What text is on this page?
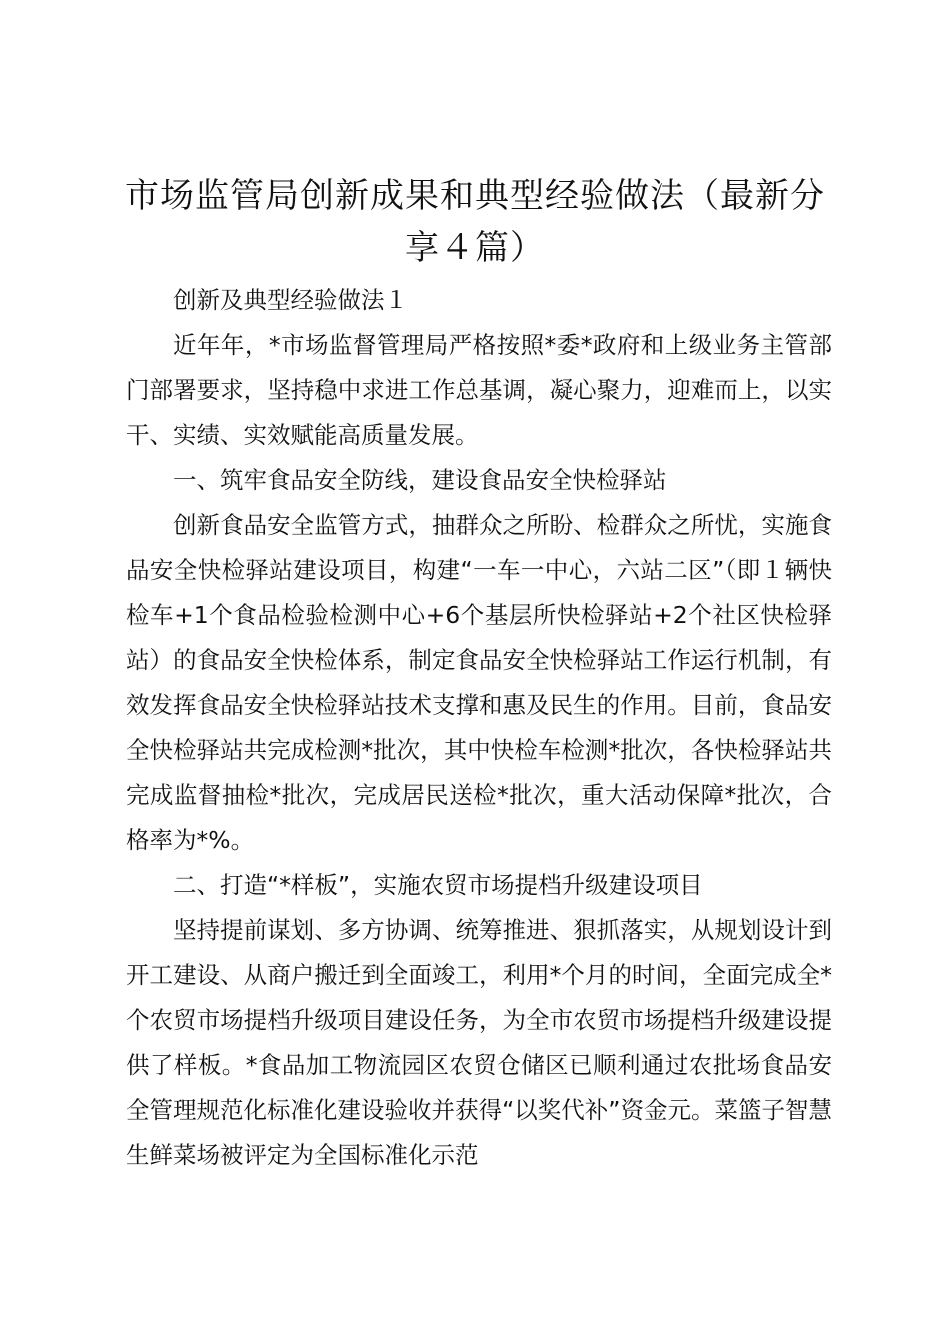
市场监管局创新成果和典型经验做法（最新分
享４篇）

创新及典型经验做法１

近年年，*市场监督管理局严格按照*委*政府和上级业务主管部门部署要求，坚持稳中求进工作总基调，凝心聚力，迎难而上，以实干、实绩、实效赋能高质量发展。

一、筑牢食品安全防线，建设食品安全快检驿站

创新食品安全监管方式，抽群众之所盼、检群众之所忧，实施食品安全快检驿站建设项目，构建“一车一中心，六站二区”（即１辆快检车+1个食品检验检测中心+6个基层所快检驿站+2个社区快检驿站）的食品安全快检体系，制定食品安全快检驿站工作运行机制，有效发挥食品安全快检驿站技术支撑和惠及民生的作用。目前，食品安全快检驿站共完成检测*批次，其中快检车检测*批次，各快检驿站共完成监督抽检*批次，完成居民送检*批次，重大活动保障*批次，合格率为*%。

二、打造“*样板”，实施农贸市场提档升级建设项目

坚持提前谋划、多方协调、统筹推进、狠抓落实，从规划设计到开工建设、从商户搬迁到全面竣工，利用*个月的时间，全面完成全*个农贸市场提档升级项目建设任务，为全市农贸市场提档升级建设提供了样板。*食品加工物流园区农贸仓储区已顺利通过农批场食品安全管理规范化标准化建设验收并获得“以奖代补”资金元。菜篮子智慧生鲜菜场被评定为全国标准化示范
